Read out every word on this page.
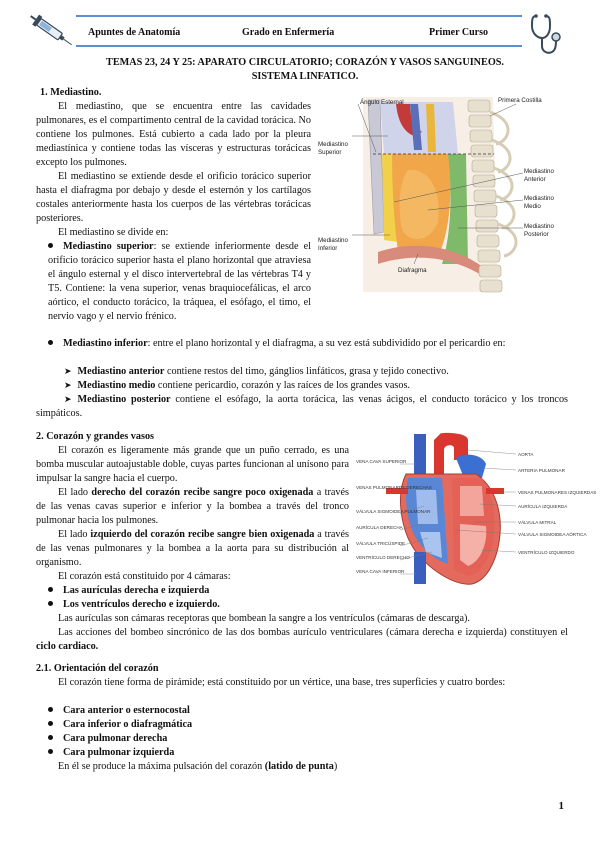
Apuntes de Anatomía	Grado en Enfermería	Primer Curso
TEMAS 23, 24 Y 25: APARATO CIRCULATORIO; CORAZÓN Y VASOS SANGUINEOS.
SISTEMA LINFATICO.
1. Mediastino.
El mediastino, que se encuentra entre las cavidades pulmonares, es el compartimento central de la cavidad torácica. No contiene los pulmones. Está cubierto a cada lado por la pleura mediastínica y contiene todas las vísceras y estructuras torácicas excepto los pulmones.
El mediastino se extiende desde el orificio torácico superior hasta el diafragma por debajo y desde el esternón y los cartílagos costales anteriormente hasta los cuerpos de las vértebras torácicas posteriores.
El mediastino se divide en:
Mediastino superior: se extiende inferiormente desde el orificio torácico superior hasta el plano horizontal que atraviesa el ángulo esternal y el disco intervertebral de las vértebras T4 y T5. Contiene: la vena superior, venas braquiocefálicas, el arco aórtico, el conducto torácico, la tráquea, el esófago, el timo, el nervio vago y el nervio frénico.
Ángulo Esternal	Primera Costilla
Mediastino
Superior
Mediastino
Anterior
Mediastino
Medio
Mediastino
Posterior
Mediastino
Inferior
Diafragma
Mediastino inferior: entre el plano horizontal y el diafragma, a su vez está subdividido por el pericardio en:
➤ Mediastino anterior contiene restos del timo, gánglios linfáticos, grasa y tejido conectivo.
➤ Mediastino medio contiene pericardio, corazón y las raíces de los grandes vasos.
➤ Mediastino posterior contiene el esófago, la aorta torácica, las venas ácigos, el conducto torácico y los troncos simpáticos.
2. Corazón y grandes vasos
El corazón es ligeramente más grande que un puño cerrado, es una bomba muscular autoajustable doble, cuyas partes funcionan al unísono para impulsar la sangre hacia el cuerpo.
El lado derecho del corazón recibe sangre poco oxigenada a través de las venas cavas superior e inferior y la bombea a través del tronco pulmonar hacia los pulmones.
El lado izquierdo del corazón recibe sangre bien oxigenada a través de las venas pulmonares y la bombea a la aorta para su distribución al organismo.
El corazón está constituido por 4 cámaras:
Las aurículas derecha e izquierda
Los ventrículos derecho e izquierdo.
Las aurículas son cámaras receptoras que bombean la sangre a los ventrículos (cámaras de descarga).
Las acciones del bombeo sincrónico de las dos bombas aurículo ventriculares (cámara derecha e izquierda) constituyen el ciclo cardiaco.
VENA CAVA SUPERIOR
VENAS PULMONARES DERECHAS
VÁLVULA SIGMOIDEA PULMONAR
AURÍCULA DERECHA
VÁLVULA TRICÚSPIDE
VENTRÍCULO DERECHO
VENA CAVA INFERIOR
AORTA
ARTERIA PULMONAR
VENAS PULMONARES IZQUIERDAS
AURÍCULA IZQUIERDA
VÁLVULA MITRAL
VÁLVULA SIGMOIDEA AÓRTICA
VENTRÍCULO IZQUIERDO
2.1. Orientación del corazón
El corazón tiene forma de pirámide; está constituido por un vértice, una base, tres superficies y cuatro bordes:
Cara anterior o esternocostal
Cara inferior o diafragmática
Cara pulmonar derecha
Cara pulmonar izquierda
En él se produce la máxima pulsación del corazón (latido de punta)
1
